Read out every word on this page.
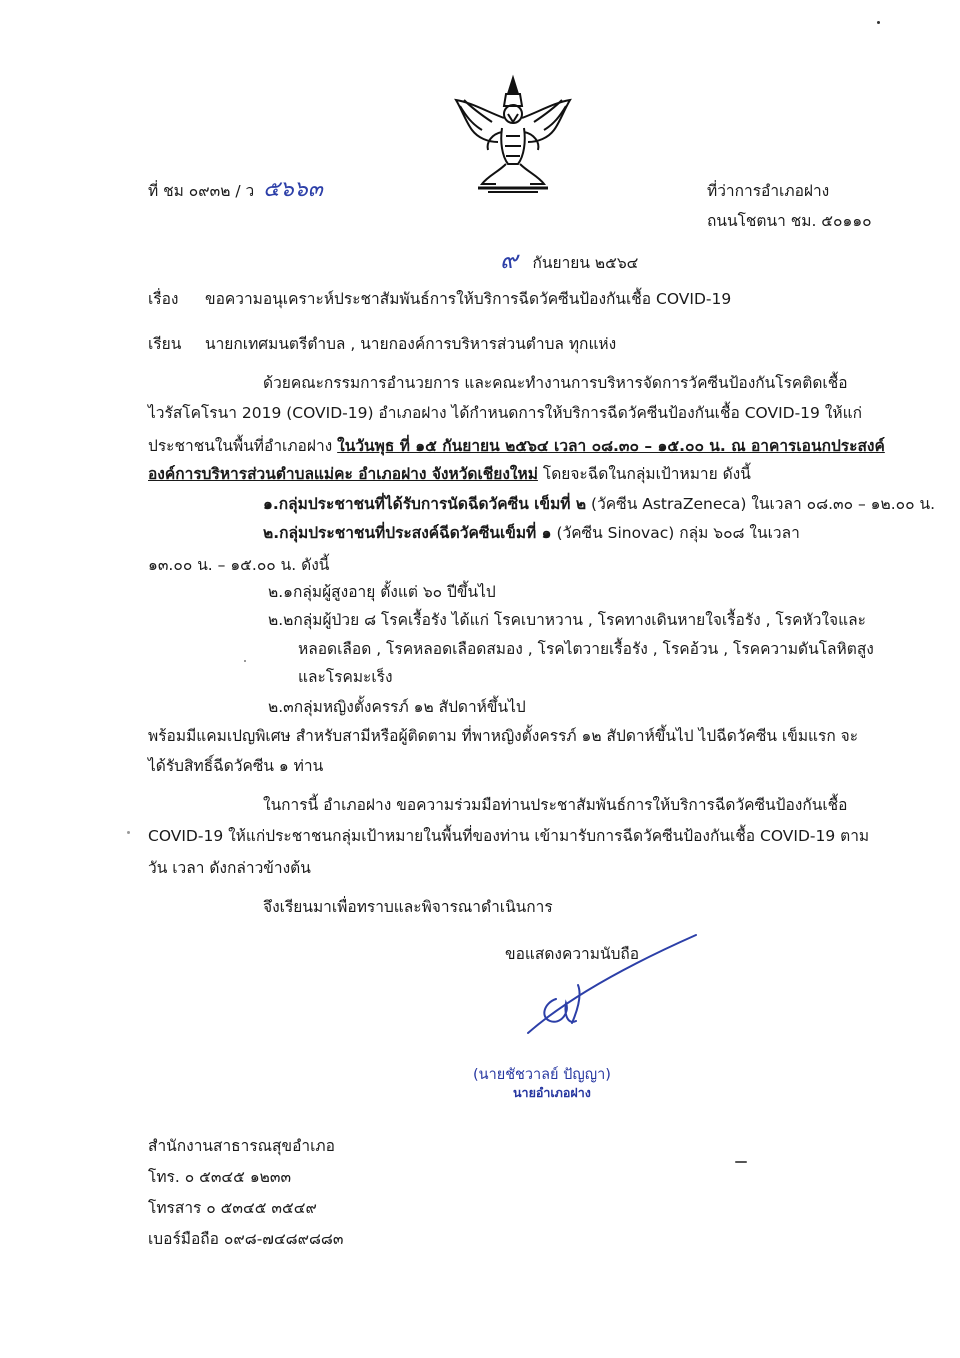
ที่ ชม ๐๙๓๒ / ว ๕๖๖๓	ที่ว่าการอำเภอฝาง
ถนนโชตนา ชม. ๕๐๑๑๐
๙ กันยายน ๒๕๖๔
เรื่อง ขอความอนุเคราะห์ประชาสัมพันธ์การให้บริการฉีดวัคซีนป้องกันเชื้อ COVID-19
เรียน นายกเทศมนตรีตำบล , นายกองค์การบริหารส่วนตำบล ทุกแห่ง
ด้วยคณะกรรมการอำนวยการ และคณะทำงานการบริหารจัดการวัคซีนป้องกันโรคติดเชื้อ
ไวรัสโคโรนา 2019 (COVID-19) อำเภอฝาง ได้กำหนดการให้บริการฉีดวัคซีนป้องกันเชื้อ COVID-19 ให้แก่
ประชาชนในพื้นที่อำเภอฝาง ในวันพุธ ที่ ๑๕ กันยายน ๒๕๖๔ เวลา ๐๘.๓๐ – ๑๕.๐๐ น. ณ อาคารเอนกประสงค์
องค์การบริหารส่วนตำบลแม่คะ อำเภอฝาง จังหวัดเชียงใหม่ โดยจะฉีดในกลุ่มเป้าหมาย ดังนี้
๑.กลุ่มประชาชนที่ได้รับการนัดฉีดวัคซีน เข็มที่ ๒ (วัคซีน AstraZeneca) ในเวลา ๐๘.๓๐ – ๑๒.๐๐ น.
๒.กลุ่มประชาชนที่ประสงค์ฉีดวัคซีนเข็มที่ ๑ (วัคซีน Sinovac) กลุ่ม ๖๐๘ ในเวลา
๑๓.๐๐ น. – ๑๕.๐๐ น. ดังนี้
๒.๑กลุ่มผู้สูงอายุ ตั้งแต่ ๖๐ ปีขึ้นไป
๒.๒กลุ่มผู้ป่วย ๘ โรคเรื้อรัง ได้แก่ โรคเบาหวาน , โรคทางเดินหายใจเรื้อรัง , โรคหัวใจและ
หลอดเลือด , โรคหลอดเลือดสมอง , โรคไตวายเรื้อรัง , โรคอ้วน , โรคความดันโลหิตสูง
และโรคมะเร็ง
๒.๓กลุ่มหญิงตั้งครรภ์ ๑๒ สัปดาห์ขึ้นไป
พร้อมมีแคมเปญพิเศษ สำหรับสามีหรือผู้ติดตาม ที่พาหญิงตั้งครรภ์ ๑๒ สัปดาห์ขึ้นไป ไปฉีดวัคซีน เข็มแรก จะ
ได้รับสิทธิ์ฉีดวัคซีน ๑ ท่าน
ในการนี้ อำเภอฝาง ขอความร่วมมือท่านประชาสัมพันธ์การให้บริการฉีดวัคซีนป้องกันเชื้อ
COVID-19 ให้แก่ประชาชนกลุ่มเป้าหมายในพื้นที่ของท่าน เข้ามารับการฉีดวัคซีนป้องกันเชื้อ COVID-19 ตาม
วัน เวลา ดังกล่าวข้างต้น
จึงเรียนมาเพื่อทราบและพิจารณาดำเนินการ
ขอแสดงความนับถือ
(นายชัชวาลย์ ปัญญา)
นายอำเภอฝาง
สำนักงานสาธารณสุขอำเภอ
โทร. ๐ ๕๓๔๕ ๑๒๓๓
โทรสาร ๐ ๕๓๔๕ ๓๕๔๙
เบอร์มือถือ ๐๙๘-๗๔๘๙๘๘๓
